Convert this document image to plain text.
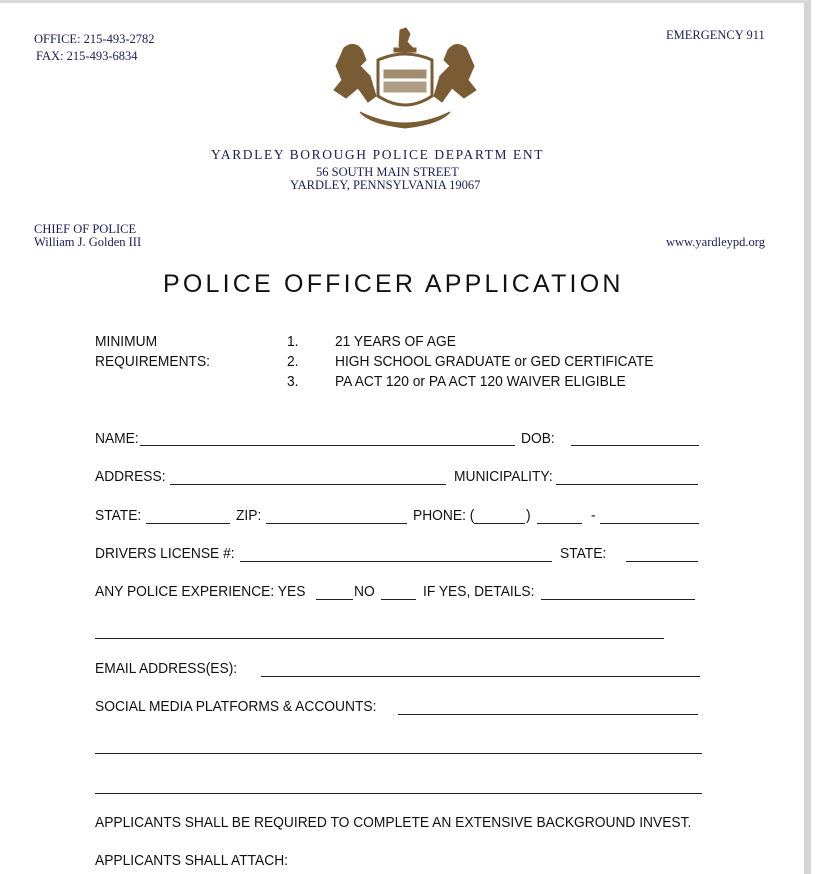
OFFICE: 215-493-2782
FAX: 215-493-6834
EMERGENCY 911
YARDLEY BOROUGH POLICE DEPARTM ENT
56 SOUTH MAIN STREET
YARDLEY, PENNSYLVANIA 19067
CHIEF OF POLICE
William J. Golden III	www.yardleypd.org
POLICE OFFICER APPLICATION
MINIMUM
REQUIREMENTS:
1. 21 YEARS OF AGE
2. HIGH SCHOOL GRADUATE or GED CERTIFICATE
3. PA ACT 120 or PA ACT 120 WAIVER ELIGIBLE
NAME:	DOB:
ADDRESS:	MUNICIPALITY:
STATE:	ZIP:	PHONE: (	)	-
DRIVERS LICENSE #:	STATE:
ANY POLICE EXPERIENCE: YES	NO	IF YES, DETAILS:
EMAIL ADDRESS(ES):
SOCIAL MEDIA PLATFORMS & ACCOUNTS:
APPLICANTS SHALL BE REQUIRED TO COMPLETE AN EXTENSIVE BACKGROUND INVEST.
APPLICANTS SHALL ATTACH:
